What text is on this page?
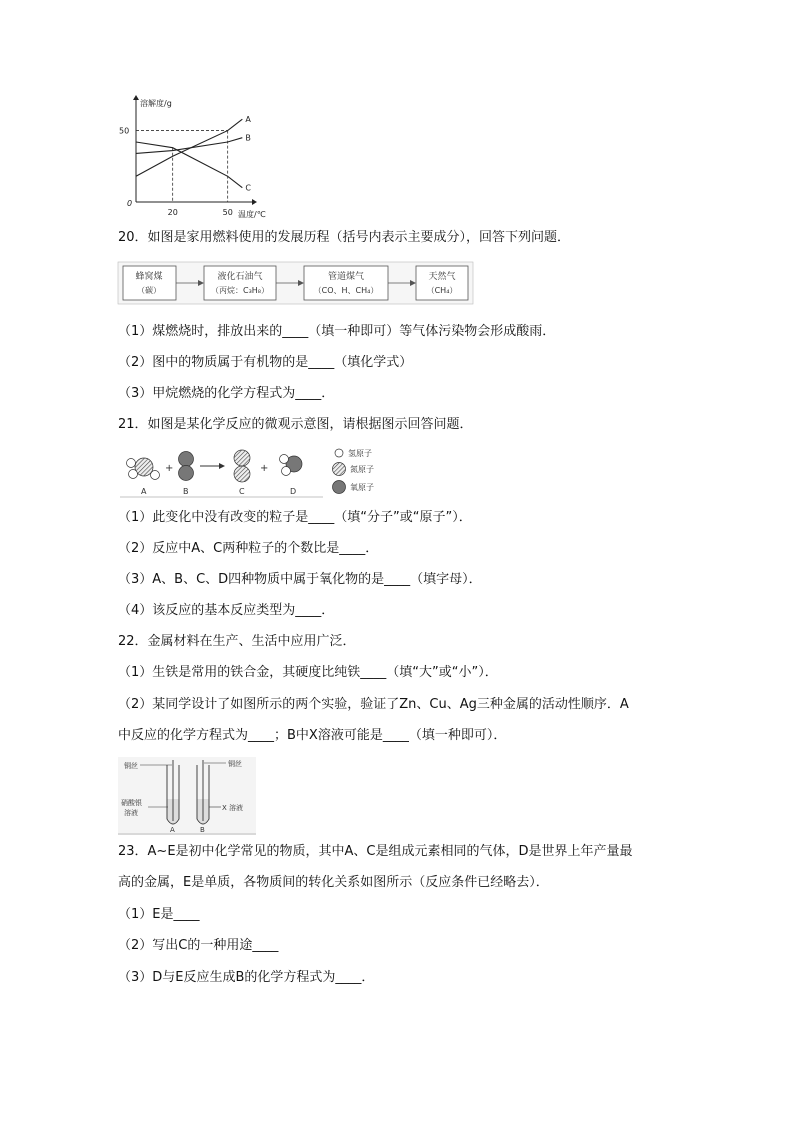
溶解度/g
温度/℃
0
50
20	50
A
B
C
20．如图是家用燃料使用的发展历程（括号内表示主要成分），回答下列问题．
蜂窝煤
（碳）
液化石油气
（丙烷：C₃H₈）
管道煤气
（CO、H、CH₄）
天然气
（CH₄）
（1）煤燃烧时，排放出来的____（填一种即可）等气体污染物会形成酸雨．
（2）图中的物质属于有机物的是____（填化学式）
（3）甲烷燃烧的化学方程式为____．
21．如图是某化学反应的微观示意图，请根据图示回答问题．
+	+
A	B	C	D
氢原子
氮原子
氧原子
（1）此变化中没有改变的粒子是____（填“分子”或“原子”）．
（2）反应中A、C两种粒子的个数比是____．
（3）A、B、C、D四种物质中属于氧化物的是____（填字母）．
（4）该反应的基本反应类型为____．
22．金属材料在生产、生活中应用广泛．
（1）生铁是常用的铁合金，其硬度比纯铁____（填“大”或“小”）．
（2）某同学设计了如图所示的两个实验，验证了Zn、Cu、Ag三种金属的活动性顺序．A
中反应的化学方程式为____；B中X溶液可能是____（填一种即可）．
铜丝	铜丝
硝酸银
溶液
X 溶液
A	B
23．A~E是初中化学常见的物质，其中A、C是组成元素相同的气体，D是世界上年产量最
高的金属，E是单质，各物质间的转化关系如图所示（反应条件已经略去）．
（1）E是____
（2）写出C的一种用途____
（3）D与E反应生成B的化学方程式为____．
